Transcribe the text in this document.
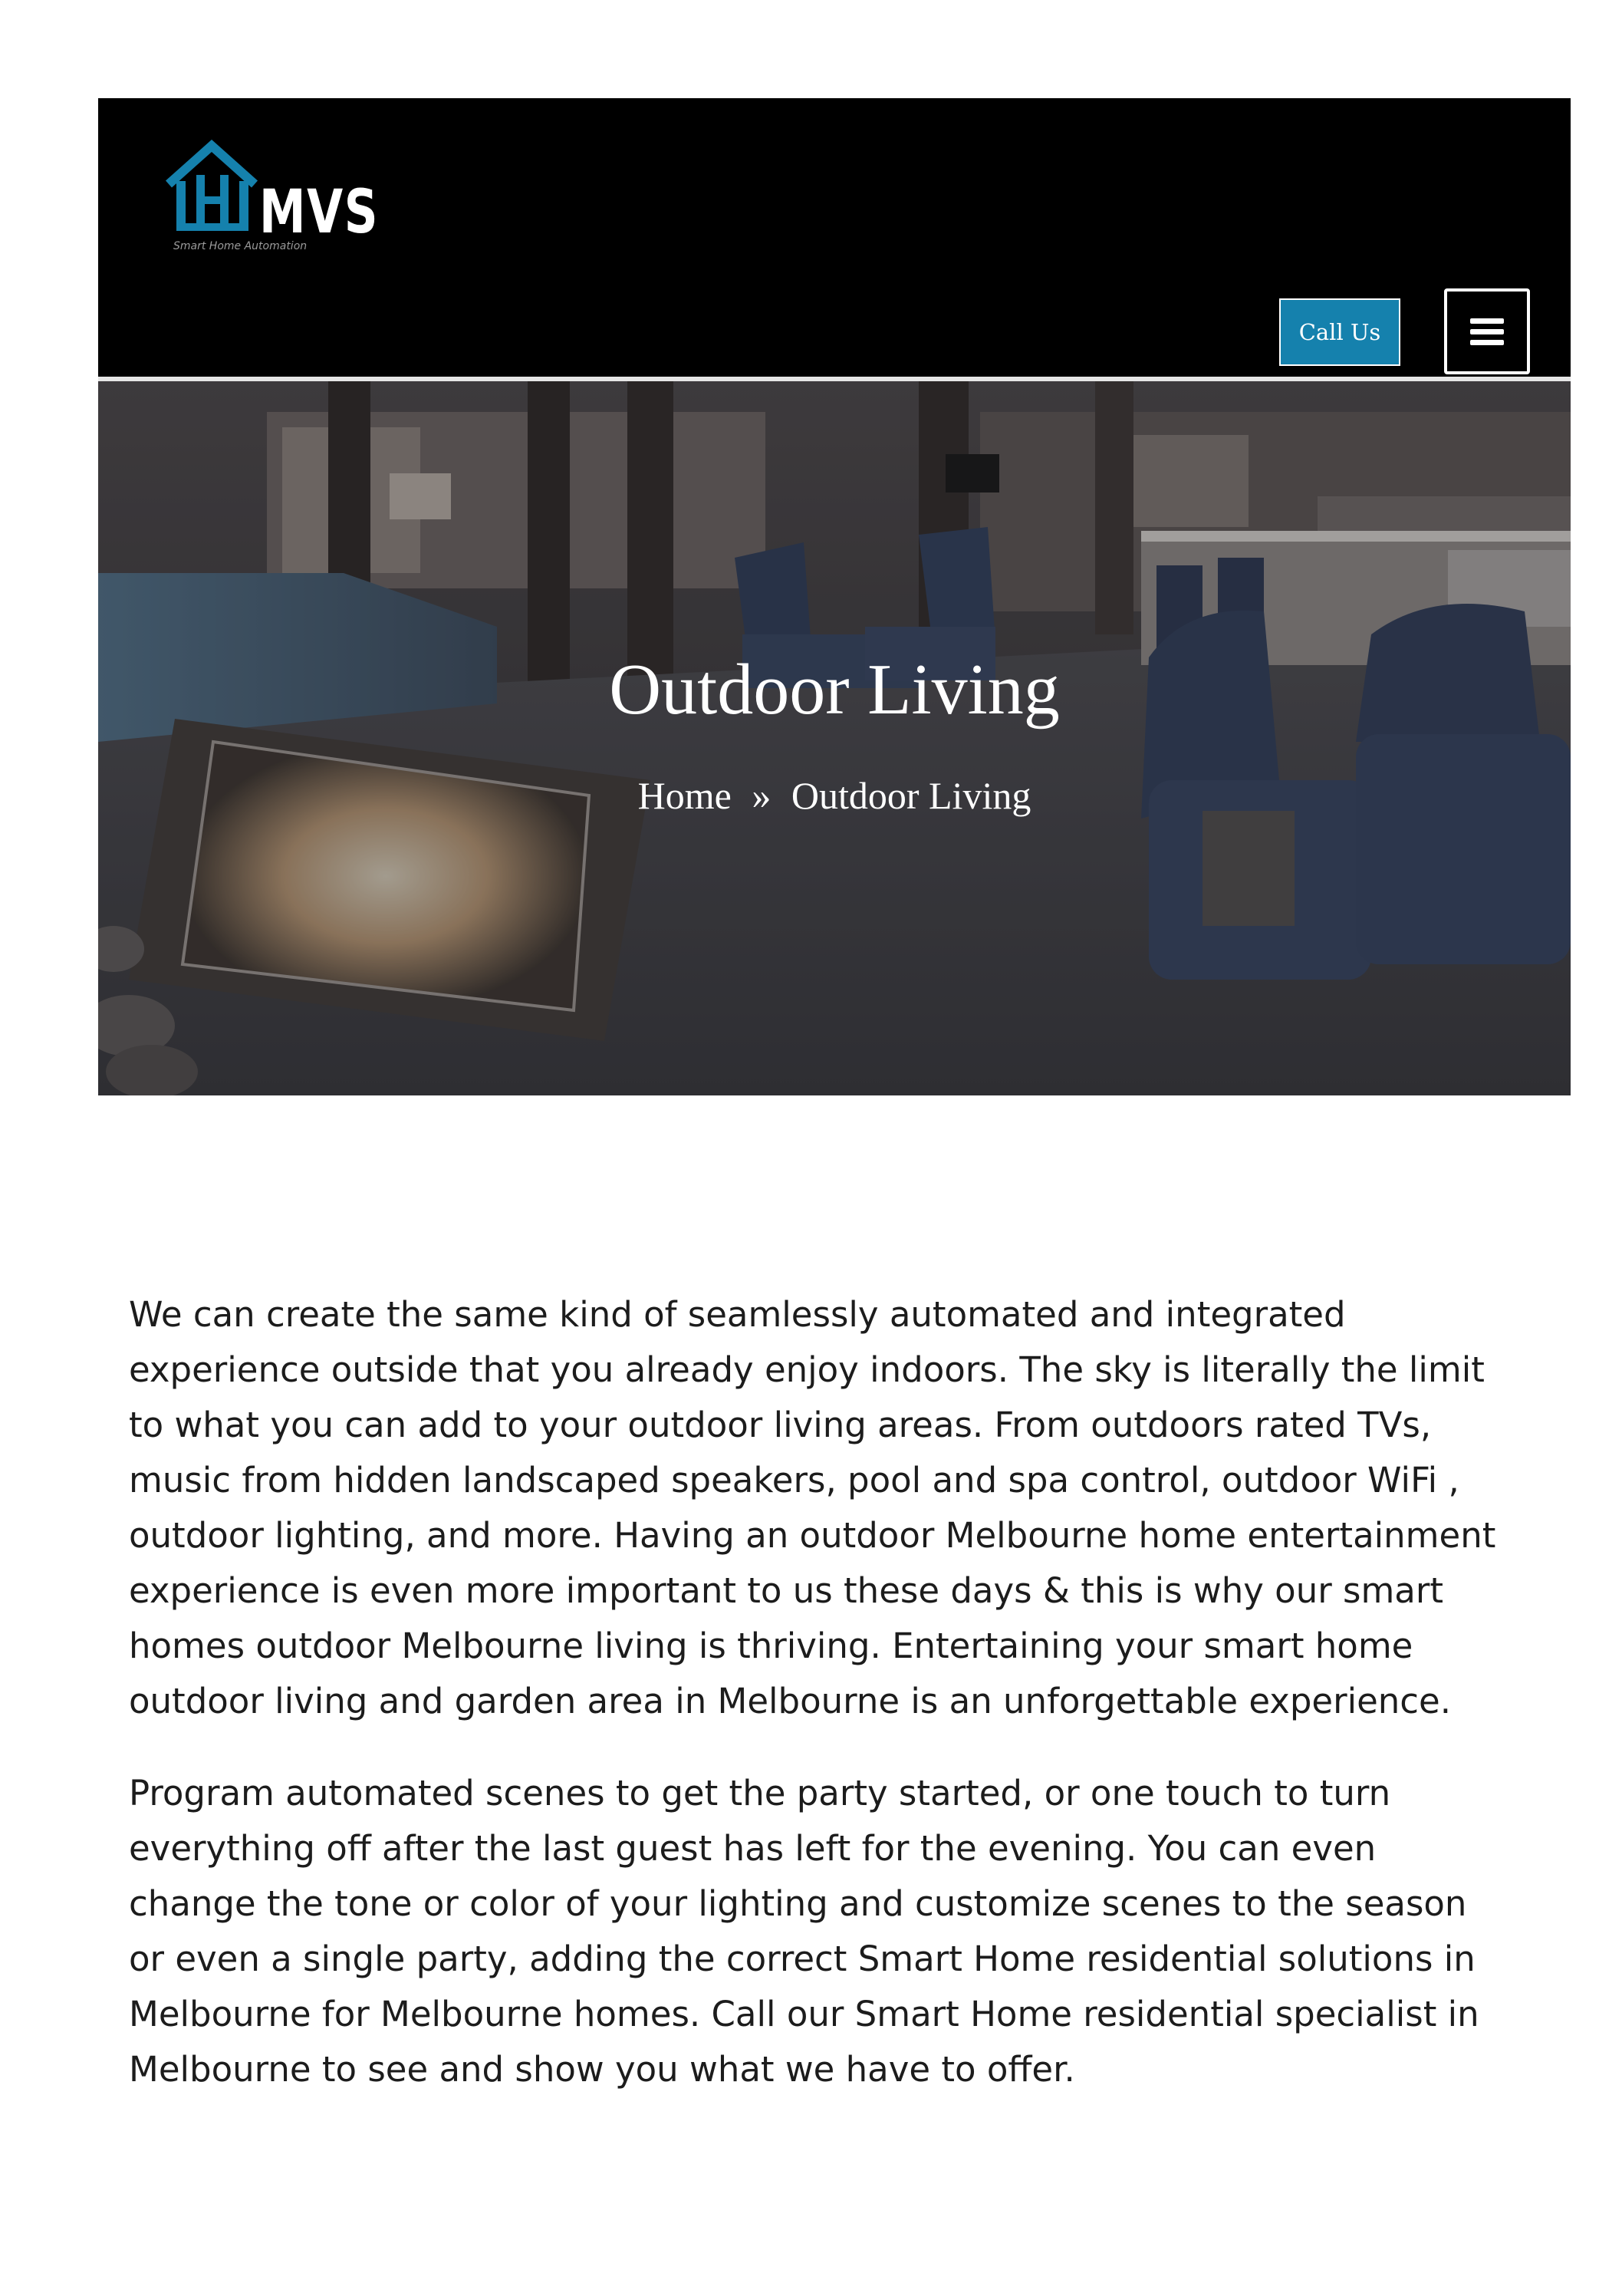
MVS
Smart Home Automation
Call Us
Outdoor Living
Home » Outdoor Living

We can create the same kind of seamlessly automated and integrated
experience outside that you already enjoy indoors. The sky is literally the limit
to what you can add to your outdoor living areas. From outdoors rated TVs,
music from hidden landscaped speakers, pool and spa control, outdoor WiFi ,
outdoor lighting, and more. Having an outdoor Melbourne home entertainment
experience is even more important to us these days & this is why our smart
homes outdoor Melbourne living is thriving. Entertaining your smart home
outdoor living and garden area in Melbourne is an unforgettable experience.

Program automated scenes to get the party started, or one touch to turn
everything off after the last guest has left for the evening. You can even
change the tone or color of your lighting and customize scenes to the season
or even a single party, adding the correct Smart Home residential solutions in
Melbourne for Melbourne homes. Call our Smart Home residential specialist in
Melbourne to see and show you what we have to offer.
